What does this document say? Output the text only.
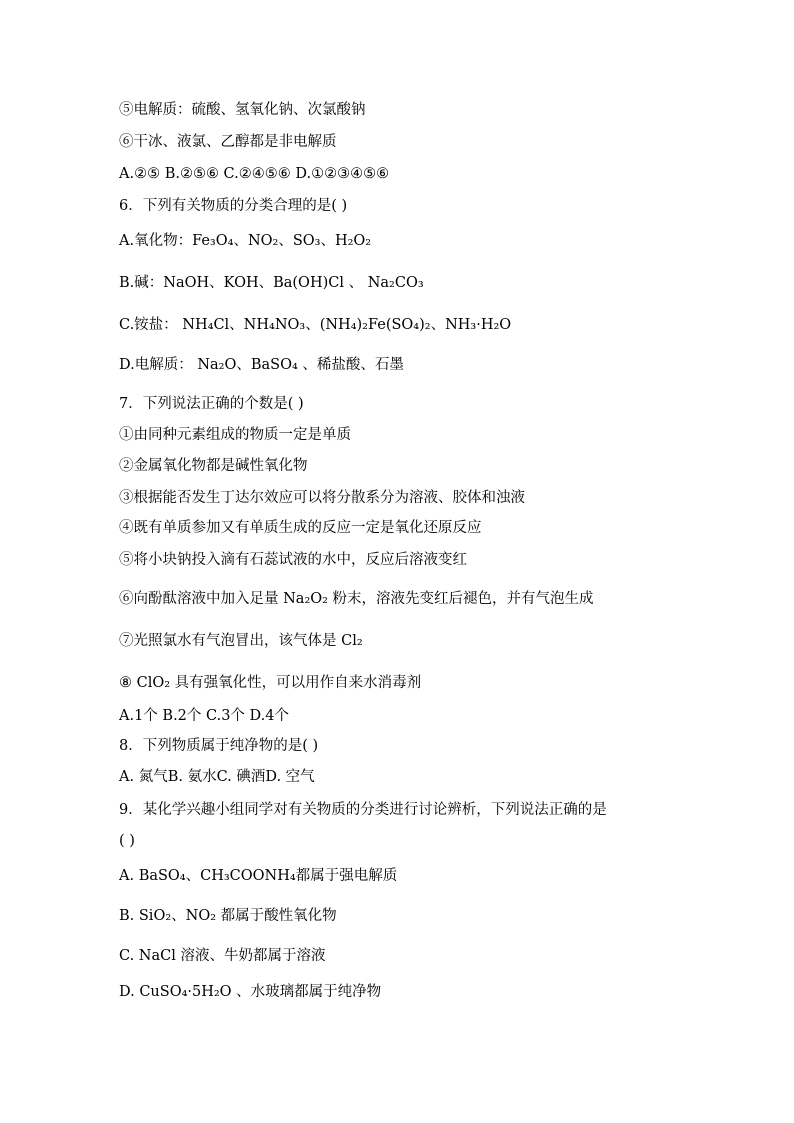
⑤电解质：硫酸、氢氧化钠、次氯酸钠
⑥干冰、液氯、乙醇都是非电解质
A.②⑤ B.②⑤⑥ C.②④⑤⑥ D.①②③④⑤⑥
6．下列有关物质的分类合理的是( )
A.氧化物：Fe₃O₄、NO₂、SO₃、H₂O₂
B.碱：NaOH、KOH、Ba(OH)Cl 、 Na₂CO₃
C.铵盐： NH₄Cl、NH₄NO₃、(NH₄)₂Fe(SO₄)₂、NH₃·H₂O
D.电解质： Na₂O、BaSO₄ 、稀盐酸、石墨
7．下列说法正确的个数是( )
①由同种元素组成的物质一定是单质
②金属氧化物都是碱性氧化物
③根据能否发生丁达尔效应可以将分散系分为溶液、胶体和浊液
④既有单质参加又有单质生成的反应一定是氧化还原反应
⑤将小块钠投入滴有石蕊试液的水中，反应后溶液变红
⑥向酚酞溶液中加入足量 Na₂O₂ 粉末，溶液先变红后褪色，并有气泡生成
⑦光照氯水有气泡冒出，该气体是 Cl₂
⑧ ClO₂ 具有强氧化性，可以用作自来水消毒剂
A.1个 B.2个 C.3个 D.4个
8．下列物质属于纯净物的是( )
A. 氮气B. 氨水C. 碘酒D. 空气
9．某化学兴趣小组同学对有关物质的分类进行讨论辨析，下列说法正确的是
( )
A. BaSO₄、CH₃COONH₄都属于强电解质
B. SiO₂、NO₂ 都属于酸性氧化物
C. NaCl 溶液、牛奶都属于溶液
D. CuSO₄·5H₂O 、水玻璃都属于纯净物
